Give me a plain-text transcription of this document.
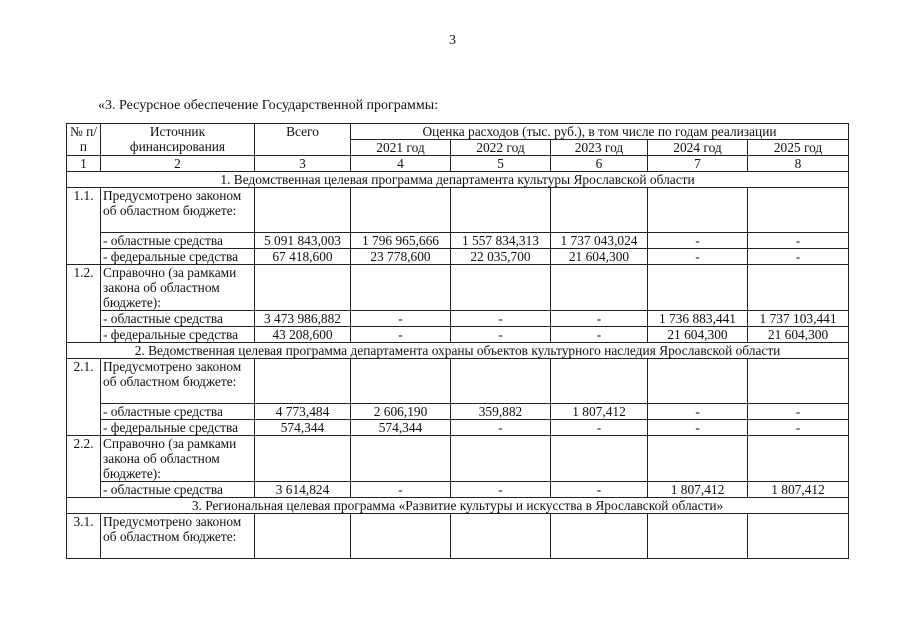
3
«3. Ресурсное обеспечение Государственной программы:
№ п/п	Источник финансирования	Всего	Оценка расходов (тыс. руб.), в том числе по годам реализации				
			2021 год	2022 год	2023 год	2024 год	2025 год
1	2	3	4	5	6	7	8
1. Ведомственная целевая программа департамента культуры Ярославской области							
1.1.	Предусмотрено законом об областном бюджете:						
	- областные средства	5 091 843,003	1 796 965,666	1 557 834,313	1 737 043,024	-	-
	- федеральные средства	67 418,600	23 778,600	22 035,700	21 604,300	-	-
1.2.	Справочно (за рамками закона об областном бюджете):						
	- областные средства	3 473 986,882	-	-	-	1 736 883,441	1 737 103,441
	- федеральные средства	43 208,600	-	-	-	21 604,300	21 604,300
2. Ведомственная целевая программа департамента охраны объектов культурного наследия Ярославской области							
2.1.	Предусмотрено законом об областном бюджете:						
	- областные средства	4 773,484	2 606,190	359,882	1 807,412	-	-
	- федеральные средства	574,344	574,344	-	-	-	-
2.2.	Справочно (за рамками закона об областном бюджете):						
	- областные средства	3 614,824	-	-	-	1 807,412	1 807,412
3. Региональная целевая программа «Развитие культуры и искусства в Ярославской области»							
3.1.	Предусмотрено законом об областном бюджете:						
